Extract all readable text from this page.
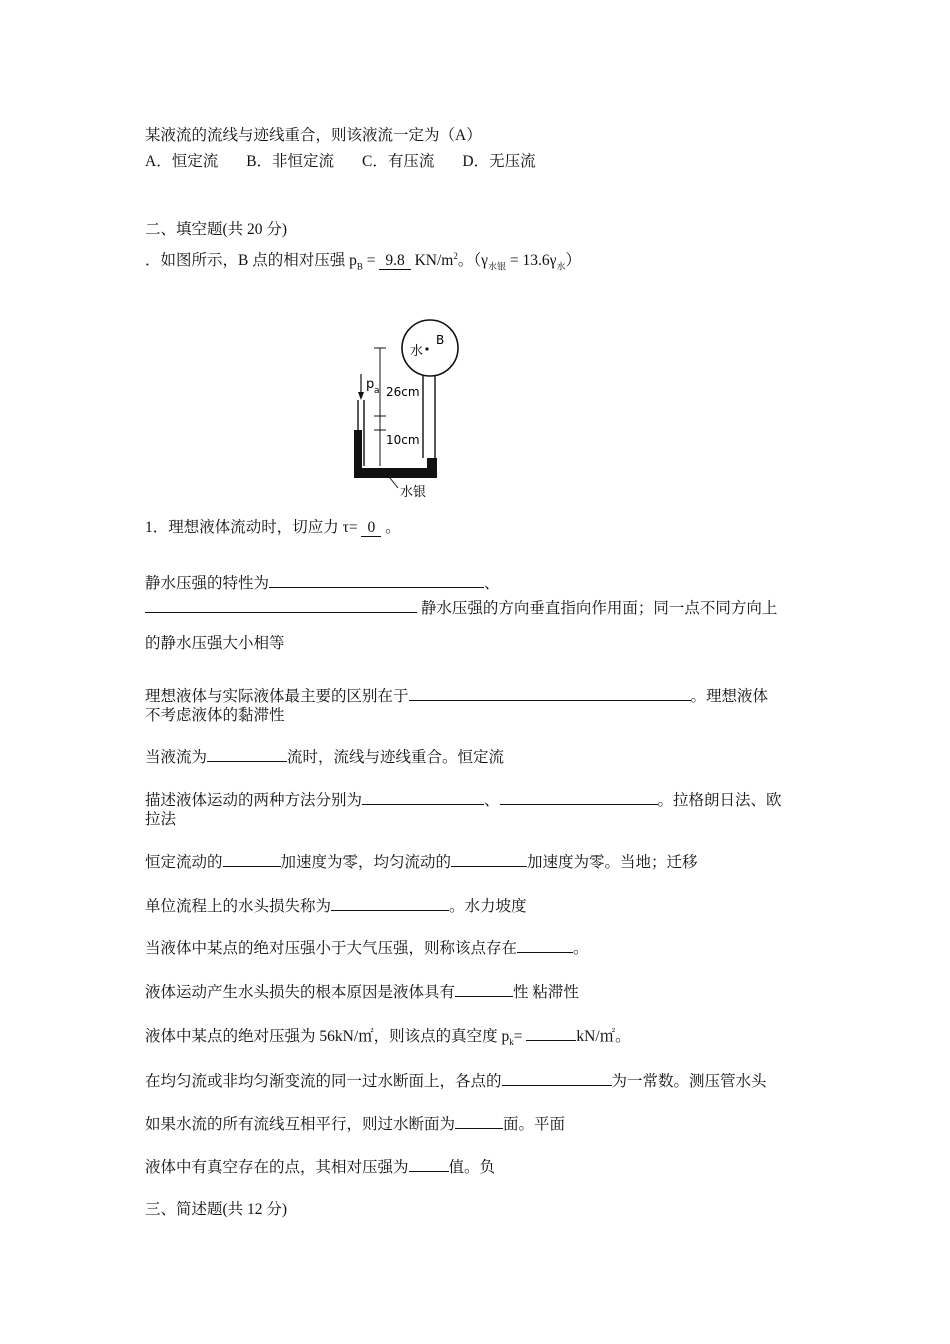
某液流的流线与迹线重合，则该液流一定为（A）
A．恒定流 B．非恒定流 C．有压流 D．无压流
二、填空题(共 20 分)
．如图所示，B 点的相对压强 $p_B = 9.8$ $KN/m^2$。$(\gamma_{水银} = 13.6\gamma_水)$
水
B
p a 26cm
10cm
水银
1．理想液体流动时，切应力 τ= 0 。
静水压强的特性为	、
静水压强的方向垂直指向作用面；同一点不同方向上
的静水压强大小相等
理想液体与实际液体最主要的区别在于	。理想液体
不考虑液体的黏滞性
当液流为	流时，流线与迹线重合。恒定流
描述液体运动的两种方法分别为	、	。拉格朗日法、欧
拉法
恒定流动的	加速度为零，均匀流动的	加速度为零。当地；迁移
单位流程上的水头损失称为	。水力坡度
当液体中某点的绝对压强小于大气压强，则称该点存在	。
液体运动产生水头损失的根本原因是液体具有	性 粘滞性
液体中某点的绝对压强为 56kN/㎡，则该点的真空度 $p_k=$	kN/㎡。
在均匀流或非均匀渐变流的同一过水断面上，各点的	为一常数。测压管水头
如果水流的所有流线互相平行，则过水断面为	面。平面
液体中有真空存在的点，其相对压强为	值。负
三、简述题(共 12 分)
